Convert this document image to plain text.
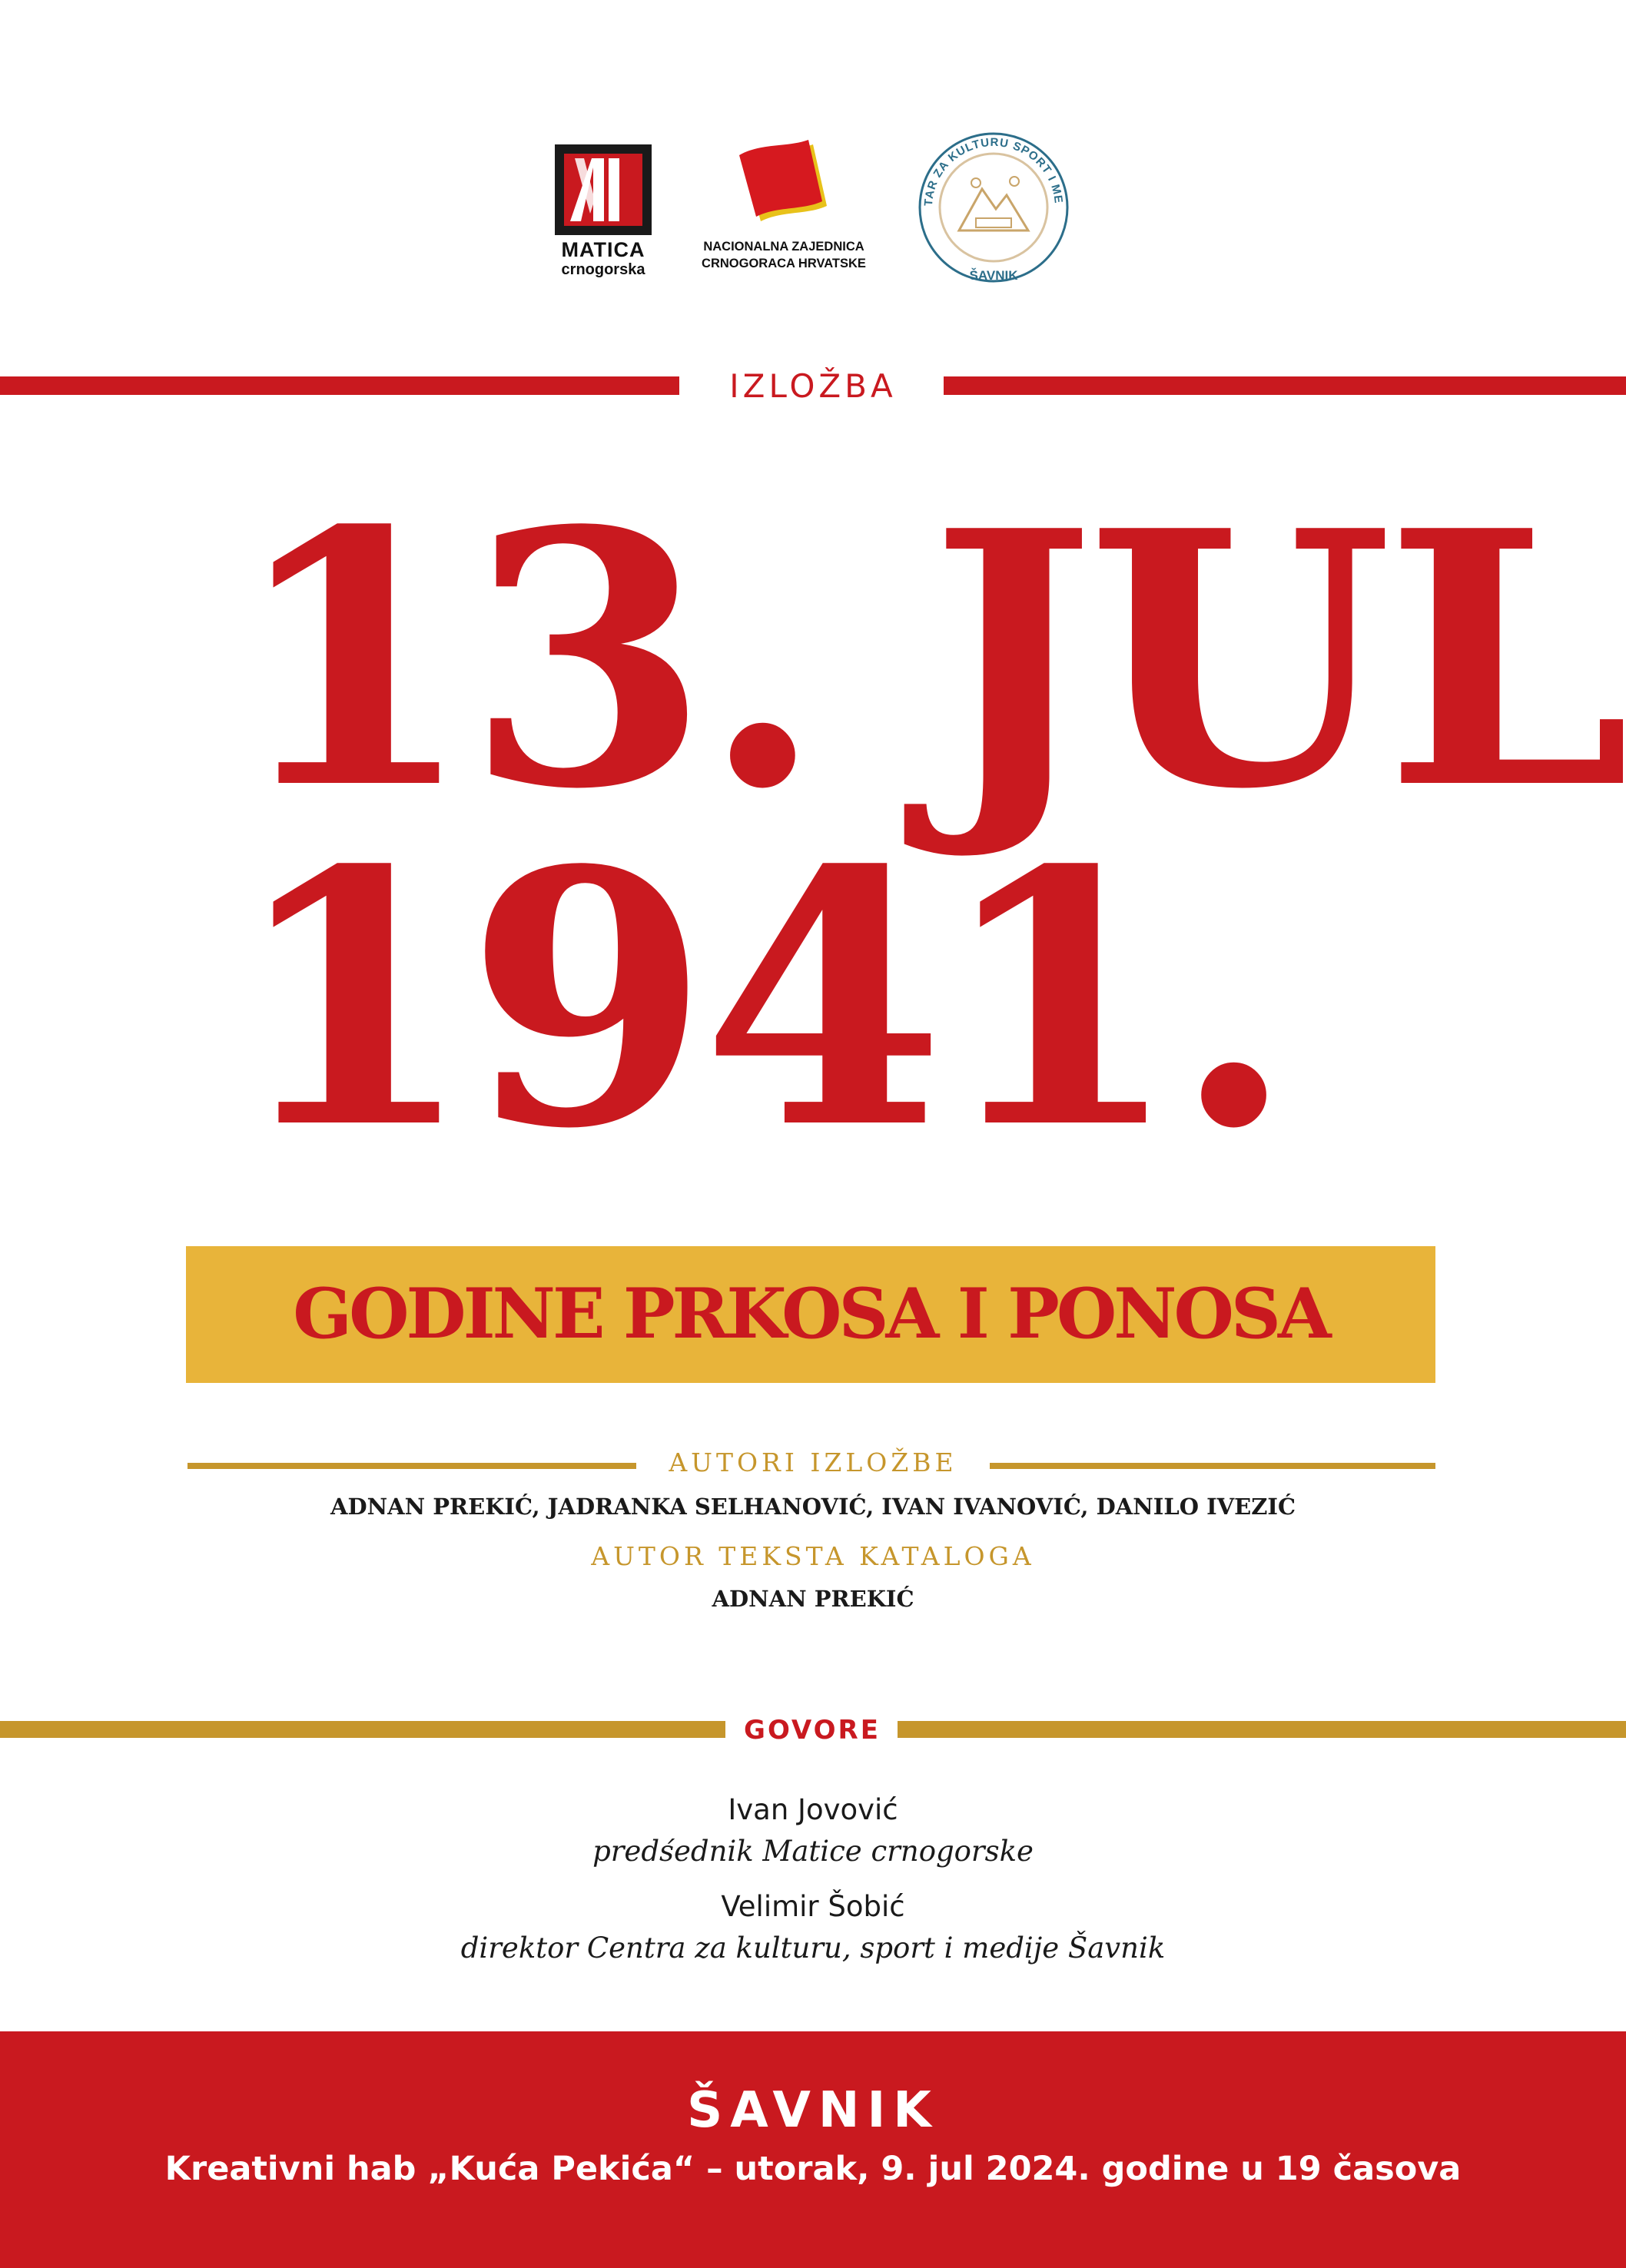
MATICA
crnogorska
NACIONALNA ZAJEDNICA
CRNOGORACA HRVATSKE
TAR ZA KULTURU SPORT I ME
ŠAVNIK
IZLOŽBA
13. JUL
1941.
GODINE PRKOSA I PONOSA
AUTORI IZLOŽBE
ADNAN PREKIĆ, JADRANKA SELHANOVIĆ, IVAN IVANOVIĆ, DANILO IVEZIĆ
AUTOR TEKSTA KATALOGA
ADNAN PREKIĆ
GOVORE
Ivan Jovović
predśednik Matice crnogorske
Velimir Šobić
direktor Centra za kulturu, sport i medije Šavnik
ŠAVNIK
Kreativni hab „Kuća Pekića“ – utorak, 9. jul 2024. godine u 19 časova
